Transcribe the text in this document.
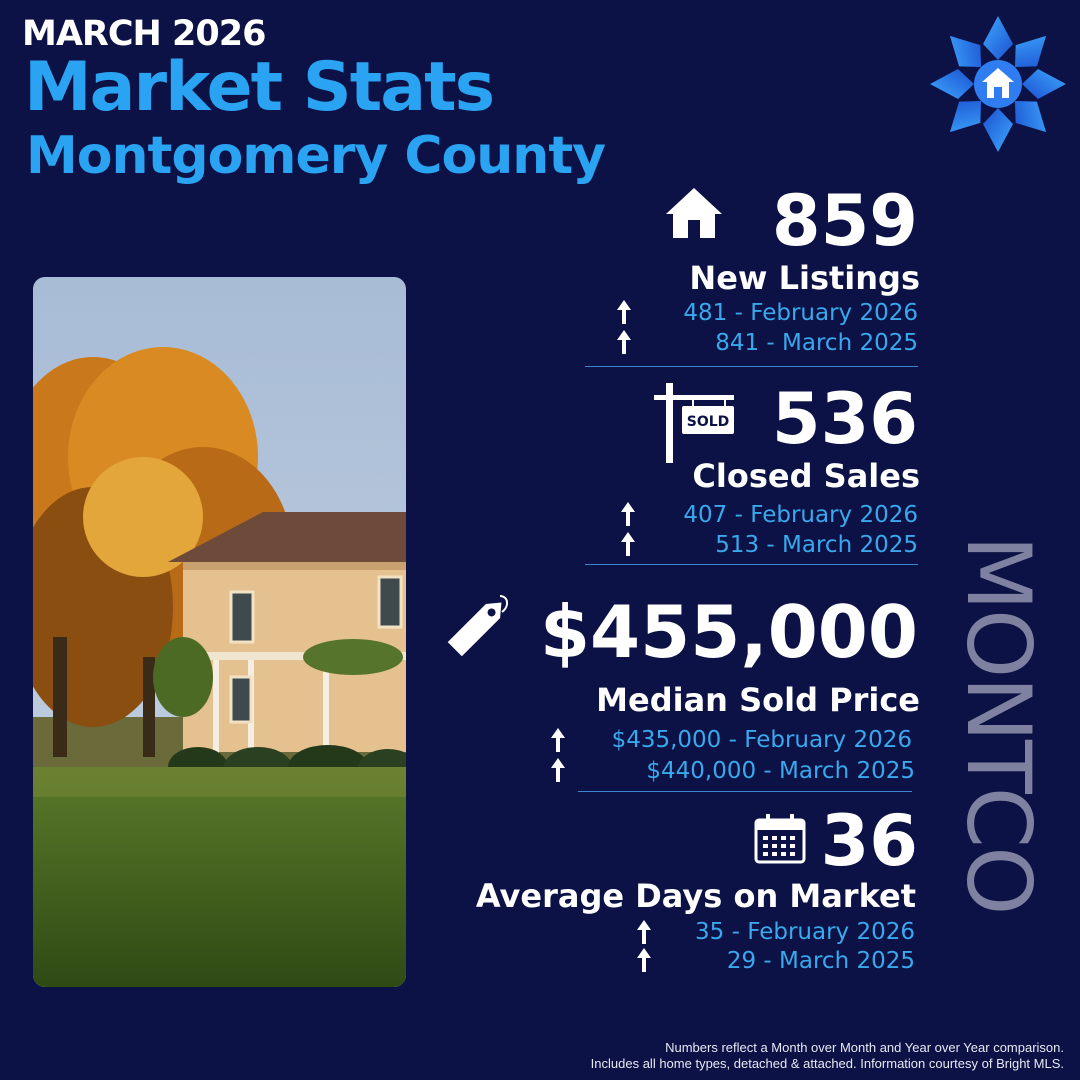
MARCH 2026
Market Stats
Montgomery County
859
New Listings
481 - February 2026
841 - March 2025
SOLD 536
Closed Sales
407 - February 2026
513 - March 2025
$455,000
Median Sold Price
$435,000 - February 2026
$440,000 - March 2025
36
Average Days on Market
35 - February 2026
29 - March 2025
MONTCO
Numbers reflect a Month over Month and Year over Year comparison.
Includes all home types, detached & attached. Information courtesy of Bright MLS.
